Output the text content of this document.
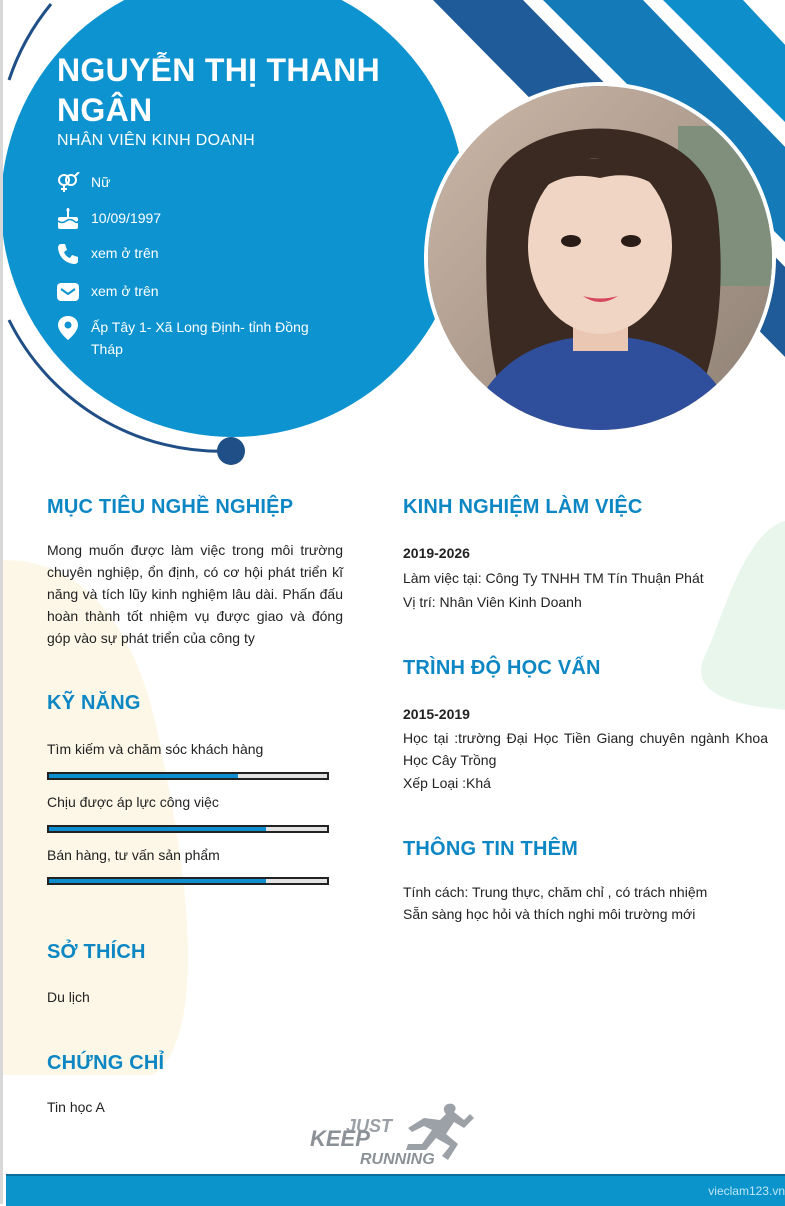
NGUYỄN THỊ THANH NGÂN
NHÂN VIÊN KINH DOANH
Nữ
10/09/1997
xem ở trên
xem ở trên
Ấp Tây 1- Xã Long Định- tỉnh Đồng Tháp
MỤC TIÊU NGHỀ NGHIỆP
Mong muốn được làm việc trong môi trường chuyên nghiệp, ổn định, có cơ hội phát triển kĩ năng và tích lũy kinh nghiệm lâu dài. Phấn đấu hoàn thành tốt nhiệm vụ được giao và đóng góp vào sự phát triển của công ty
KỸ NĂNG
Tìm kiếm và chăm sóc khách hàng
Chịu được áp lực công việc
Bán hàng, tư vấn sản phẩm
SỞ THÍCH
Du lịch
CHỨNG CHỈ
Tin học A
KINH NGHIỆM LÀM VIỆC
2019-2026
Làm việc tại: Công Ty TNHH TM Tín Thuận Phát
Vị trí: Nhân Viên Kinh Doanh
TRÌNH ĐỘ HỌC VẤN
2015-2019
Học tại :trường Đại Học Tiền Giang chuyên ngành Khoa Học Cây Trồng
Xếp Loại :Khá
THÔNG TIN THÊM
Tính cách: Trung thực, chăm chỉ , có trách nhiệm
Sẵn sàng học hỏi và thích nghi môi trường mới
JUST
KEEP
RUNNING
vieclam123.vn
